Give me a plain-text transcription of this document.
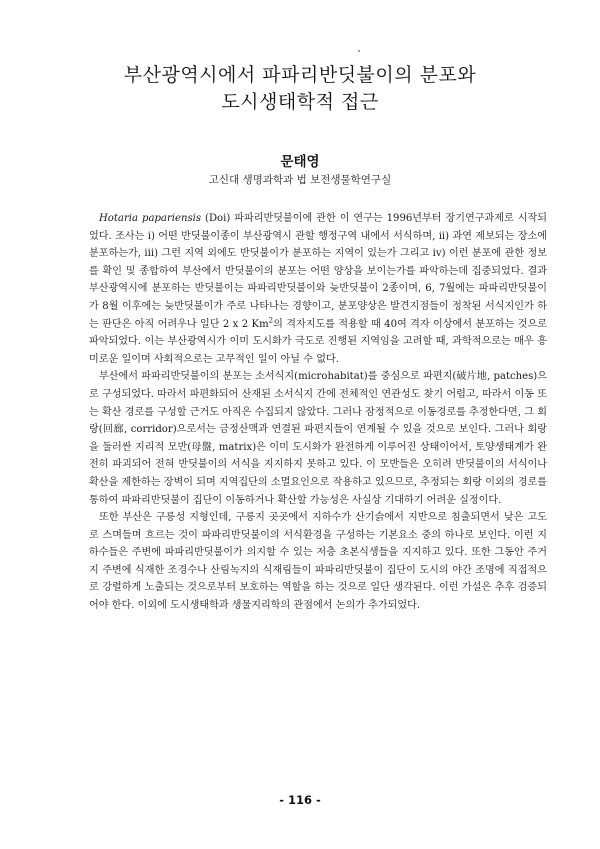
부산광역시에서 파파리반딧불이의 분포와
도시생태학적 접근
문태영
고신대 생명과학과 법 보전생물학연구실

Hotaria papariensis (Doi) 파파리반딧불이에 관한 이 연구는 1996년부터 장기연구과제로 시작되었다. 조사는 i) 어떤 반딧불이종이 부산광역시 관할 행정구역 내에서 서식하며, ii) 과연 제보되는 장소에 분포하는가, iii) 그런 지역 외에도 반딧불이가 분포하는 지역이 있는가 그리고 iv) 이런 분포에 관한 정보를 확인 및 종합하여 부산에서 반딧불이의 분포는 어떤 양상을 보이는가를 파악하는데 집중되었다. 결과 부산광역시에 분포하는 반딧불이는 파파리반딧불이와 늦반딧불이 2종이며, 6, 7월에는 파파리반딧불이가 8월 이후에는 늦반딧불이가 주로 나타나는 경향이고, 분포양상은 발견지점들이 정착된 서식지인가 하는 판단은 아직 어려우나 일단 2 x 2 Km$^2$의 격자지도를 적용할 때 40여 격자 이상에서 분포하는 것으로 파악되었다. 이는 부산광역시가 이미 도시화가 극도로 진행된 지역임을 고려할 때, 과학적으로는 매우 흥미로운 일이며 사회적으로는 고무적인 일이 아닐 수 없다.

부산에서 파파리반딧불이의 분포는 소서식지(microhabitat)를 중심으로 파편지(破片地, patches)으로 구성되었다. 따라서 파편화되어 산재된 소서식지 간에 전체적인 연관성도 찾기 어렵고, 따라서 이동 또는 확산 경로를 구성할 근거도 아직은 수집되지 않았다. 그러나 잠정적으로 이동경로를 추정한다면, 그 회랑(回廊, corridor)으로서는 금정산맥과 연결된 파편지들이 연계될 수 있을 것으로 보인다. 그러나 회랑을 둘러싼 지리적 모반(母盤, matrix)은 이미 도시화가 완전하게 이루어진 상태이어서, 토양생태계가 완전히 파괴되어 전혀 반딧불이의 서식을 지지하지 못하고 있다. 이 모반들은 오히려 반딧불이의 서식이나 확산을 제한하는 장벽이 되며 지역집단의 소멸요인으로 작용하고 있으므로, 추정되는 회랑 이외의 경로를 통하여 파파리반딧불이 집단이 이동하거나 확산할 가능성은 사실상 기대하기 어려운 실정이다.

또한 부산은 구릉성 지형인데, 구릉지 곳곳에서 지하수가 산기슭에서 지반으로 침출되면서 낮은 고도로 스며들며 흐르는 것이 파파리반딧불이의 서식환경을 구성하는 기본요소 중의 하나로 보인다. 이런 지하수들은 주변에 파파리반딧불이가 의지할 수 있는 저층 초본식생들을 지지하고 있다. 또한 그동안 주거지 주변에 식재한 조경수나 산림녹지의 식재림들이 파파리반딧불이 집단이 도시의 야간 조명에 직접적으로 강렬하게 노출되는 것으로부터 보호하는 역할을 하는 것으로 일단 생각된다. 이런 가설은 추후 검증되어야 한다. 이외에 도시생태학과 생물지리학의 관점에서 논의가 추가되었다.

- 116 -
